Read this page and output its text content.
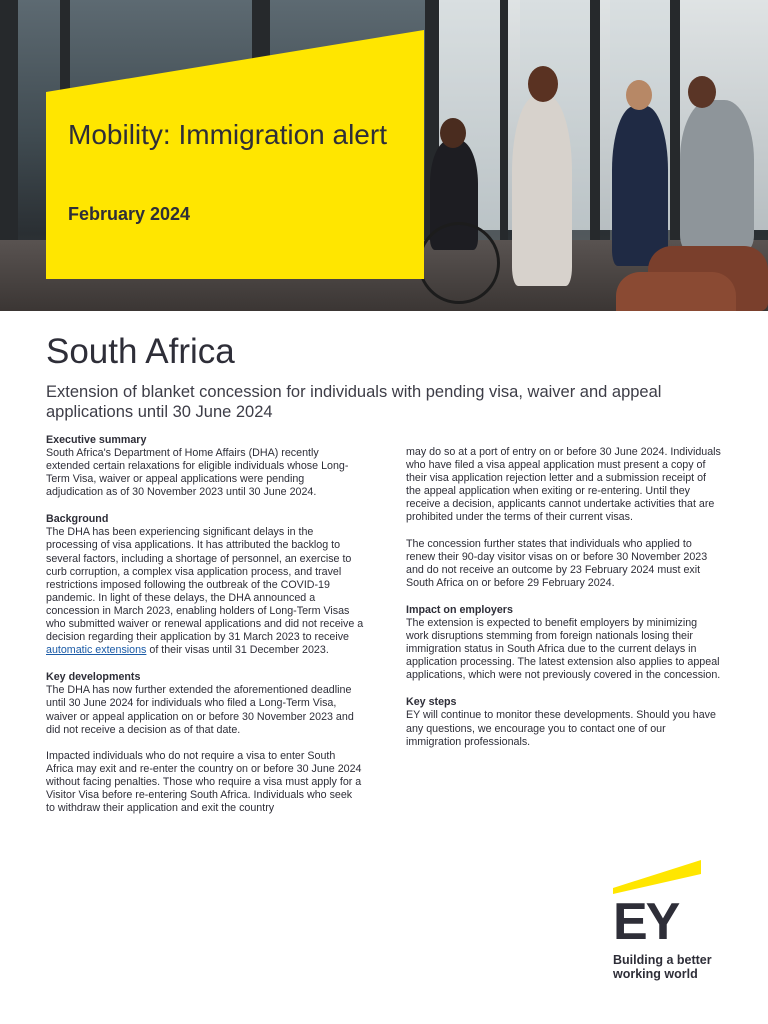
Mobility: Immigration alert
February 2024
South Africa
Extension of blanket concession for individuals with pending visa, waiver and appeal applications until 30 June 2024
Executive summary

South Africa's Department of Home Affairs (DHA) recently extended certain relaxations for eligible individuals whose Long-Term Visa, waiver or appeal applications were pending adjudication as of 30 November 2023 until 30 June 2024.

Background

The DHA has been experiencing significant delays in the processing of visa applications. It has attributed the backlog to several factors, including a shortage of personnel, an exercise to curb corruption, a complex visa application process, and travel restrictions imposed following the outbreak of the COVID-19 pandemic. In light of these delays, the DHA announced a concession in March 2023, enabling holders of Long-Term Visas who submitted waiver or renewal applications and did not receive a decision regarding their application by 31 March 2023 to receive automatic extensions of their visas until 31 December 2023.

Key developments

The DHA has now further extended the aforementioned deadline until 30 June 2024 for individuals who filed a Long-Term Visa, waiver or appeal application on or before 30 November 2023 and did not receive a decision as of that date.

Impacted individuals who do not require a visa to enter South Africa may exit and re-enter the country on or before 30 June 2024 without facing penalties. Those who require a visa must apply for a Visitor Visa before re-entering South Africa. Individuals who seek to withdraw their application and exit the country

may do so at a port of entry on or before 30 June 2024. Individuals who have filed a visa appeal application must present a copy of their visa application rejection letter and a submission receipt of the appeal application when exiting or re-entering. Until they receive a decision, applicants cannot undertake activities that are prohibited under the terms of their current visas.

The concession further states that individuals who applied to renew their 90-day visitor visas on or before 30 November 2023 and do not receive an outcome by 23 February 2024 must exit South Africa on or before 29 February 2024.

Impact on employers

The extension is expected to benefit employers by minimizing work disruptions stemming from foreign nationals losing their immigration status in South Africa due to the current delays in application processing. The latest extension also applies to appeal applications, which were not previously covered in the concession.

Key steps

EY will continue to monitor these developments. Should you have any questions, we encourage you to contact one of our immigration professionals.

EY
Building a better working world
